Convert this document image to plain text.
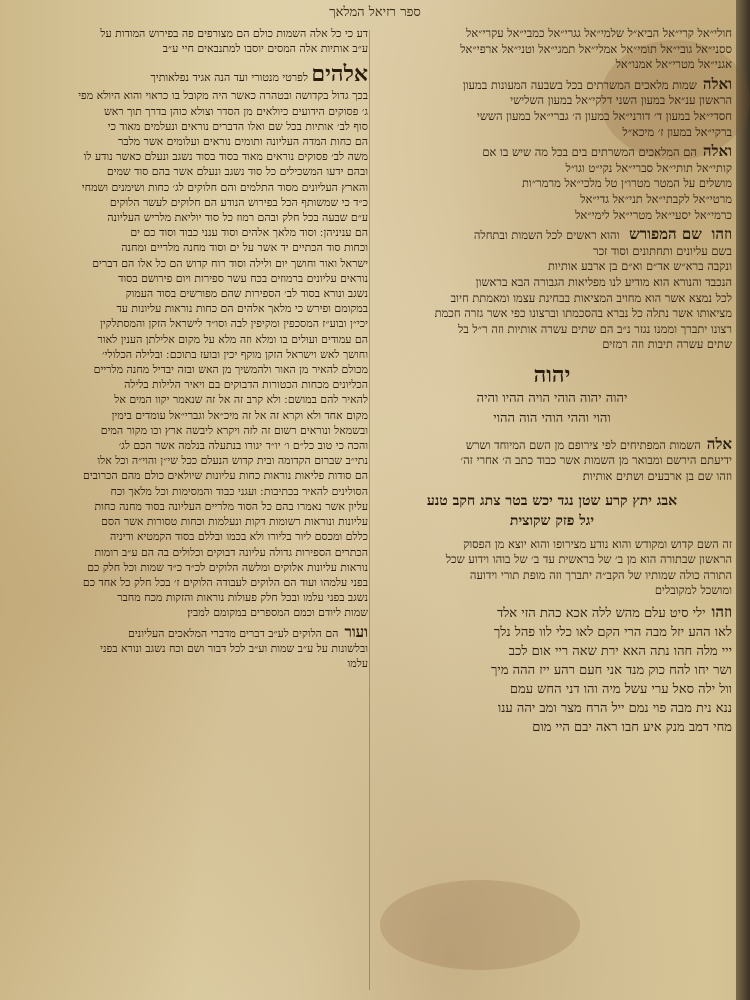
ספר רזיאל המלאך
חולי״אל קרי״אל הביא״ל שלמי״אל גגרי״אל כמבי״אל עקרי״אל
ססני״אל גובי״אל תומי״אל אמלי״אל תמגי״אל וטני״אל ארפי״אל
אגני״אל מטרי״אל אמנו״אל
ואלהשמות מלאכים המשרתים בכל בשבעה המעונות במעון
הראשון ענ״אל במעון השני דלקי״אל במעון השלישי
חסדי״אל במעון ד׳ דורני״אל במעון ה׳ גברי״אל במעון הששי
ברקי״אל במעון ז׳ מיכא״ל
ואלההם המלאכים המשרתים בים בכל מה שיש בו אם
קותי״אל תותי״אל סברי״אל נקי״ט וגו״ל
מושלים על המטר מטרו״ן טל מלכי״אל מרמר״ות
מרטי״אל לקבתי״אל תני״אל גדי״אל
כרמי״אל יסעי״אל מטרי״אל לימי״אל
וזהו שם המפורש והוא ראשים לכל השמות ובתחלה
בשם עליונים ותחתונים וסוד זכר
ונקבה ברא״ש אד״ם וא״ם בן ארבע אותיות
הנכבד והנורא הוא מודיע לנו מפליאות הגבורה הבא בראשון
לכל נמצא אשר הוא מחויב המציאות בבחינת עצמו ומאמתת חיוב
מציאותו אשר נתלה כל נברא בהסכמתו וברצונו כפי אשר גזרה חכמת
רצונו יתברך וממנו נגזר נ״ב הם שתים עשרה אותיות וזה ר״ל בל
שתים עשרה תיבות וזה רמזים
יהוה
יהוה יהוה הוהי הויה ההיו והיה
והוי וההי הוהי הוה ההוי
אלההשמות המפתיחים לפי צירופם מן השם המיוחד ושרש
ידיעתם הירשם ומבואר מן השמות אשר כבוד כתב ה׳ אחרי זה׳
וזהו שם בן ארבעים ושתים אותיות׃
אבג יתץ קרע שטן נגד יכש בטר צתג חקב טנע
יגל פזק שקוצית
זה השם קדוש ומקודש והוא נודע מצירופו והוא יוצא מן הפסוק
הראשון שבתורה הוא מן ב׳ של בראשית עד ב׳ של בוהו וידוע שכל
התורה כולה שמותיו של הקב״ה יתברך וזה מופת תורי וידועה
ומושכל למקובלים
וזהוילי סיט עלם מהש ללה אכא כהת הזי אלד
לאו ההע יזל מבה הרי הקם לאו כלי לוו פהל נלך
ייי מלה חהו נתה האא ירת שאה ריי אום לכב
ושר יחו להח כוק מנד אני חעם רהע ייז ההה מיך
וול ילה סאל ערי עשל מיה והו דני החש עמם
ננא נית מבה פוי נמם ייל הרח מצר ומב יהה ענו
מחי דמב מנק איע חבו ראה יבם היי מום
דע כי כל אלה השמות כולם הם מצורפים פה בפירוש המודות על
ע״ב אותיות אלה המסים יוסבו למתנבאים חיי ע״ב
אלהים לפרטי מנטורי ועד הנה אגיד נפלאותיך
בכך גדול בקדושה ובטהרה כאשר היה מקובל בו כראוי והוא היולא מפי
ג׳ פסוקים הידועים כיולאים מן הסדר וצולא כוהן בדרך תוך ראש
סוף לב׳ אותיות בכל שם ואלו הדברים נוראים ונעלמים מאוד כי
הם כחות המדה העליונה ותומים נוראים ועלומים אשר מלבר
משה לב׳ פסוקים נוראים מאוד בסוד בסוד נשגב ונעלם כאשר נודע לו
ובהם ידעו המשכילים כל סוד נשגב ונעלם אשר בהם סוד שמים
והארץ העליונים מסוד התלמים והם חלוקים לג׳ כחות ושימנים ושמחי
כ״ד כי שמשותף הכל בפירוש הנודע הם חלוקים לעשר הלוקים
ע״ם שבעה בכל חלק ובהם רמוז כל סוד יוליאת מלריש העליונה
הם עניניהן ׃ וסוד מלאך אלהים וסוד ענני כבוד וסוד כם ים
וכחות סוד הכתיים יד אשר על ים וסוד מחנה מלריים ומחנה
ישראל ואור וחושך יום ולילה וסוד רוח קדוש הם כל אלו הם דברים
נוראים עליונים ברמוזים בכח עשר ספירות ויום פירושם בסוד
נשגב ונורא בסוד לב׳ הספירות שהם מפורשים בסוד העמוק
במקומם ופירש כי מלאך אלהים הם כחות נוראות עליונות עד
יכי״ן ובוע״ז המסכפין ומקיפין לבה וסו״ד לישראל הזקן והמסתלקין
הם עמודים ועולים בו ומלא וזה מלא על מקום אלילתן הענין לאור
וחושך לאש וישראל הזקן מוקף יכין ובועז בתוכם ׃ ובלילה הכלולי׳
מכולם להאיר מן האור ולהמשיך מן האש ובזה יבדיל מחנה מלריים
הכליונים מכחות הכטורות הדבוקים בם ויאיר הלילות בלילה
להאיר להם במושם ׃ ולא קרב זה אל זה שנאמר יקוו המים אל
מקום אחד ולא וקרא זה אל זה מיכ״אל וגברי״אל עומדים בימין
ובשמאל ונוראים רשום זה לזה ויקרא ליבשה ארץ וכו מקור המים
והכה כי טוב כל״ם ו׳ יו״ד יגורו בנתעלה בנלמה אשר הכם לג׳
נתי״ב שברום הקדומה ובית קדוש הנעלם ככל שי״ן והוי״ה וכל אלו
הם סודות פליאות נוראות כחות עליונות שיולאים כולם מהם הכרובים
הסולינים להאיר בכתיבות ׃ ועגני כבוד והמסימות וכל מלאך וכח
עליון אשר נאמרו בהם כל הסוד מלריים העליונה בסוד מחנה כחות
עליונות ונוראות רשומות דקות ונעלמות וכחות טסורות אשר הסם
כללם ומכסם ליור בליורו ולא בכמו ובללם בסוד הקמטיא ודיניה
הכתרים הספירות גדולה עליונה דבוקים וכלולים בה הם ע״ב רומות
נוראות עליונות אלוקים ומלשה הלוקים לכ״ד כ״ד שמות וכל חלק כם
בפני עלמהו ועוד הם הלוקים לעבודה הלוקים ז׳ בכל חלק כל אחד כם
נשגב בפני עלמו ובכל חלק פעולות נוראות והזקות מכח מחבר
שמות ליודם וכמם המספרים במקומם למבין׃
ועורהם הלוקים לע״ב דברים מדברי המלאכים העליונים
ובלשונות על ע״ב שמות וע״ב לכל דבור ושם וכח נשגב ונורא בפני
עלמו
